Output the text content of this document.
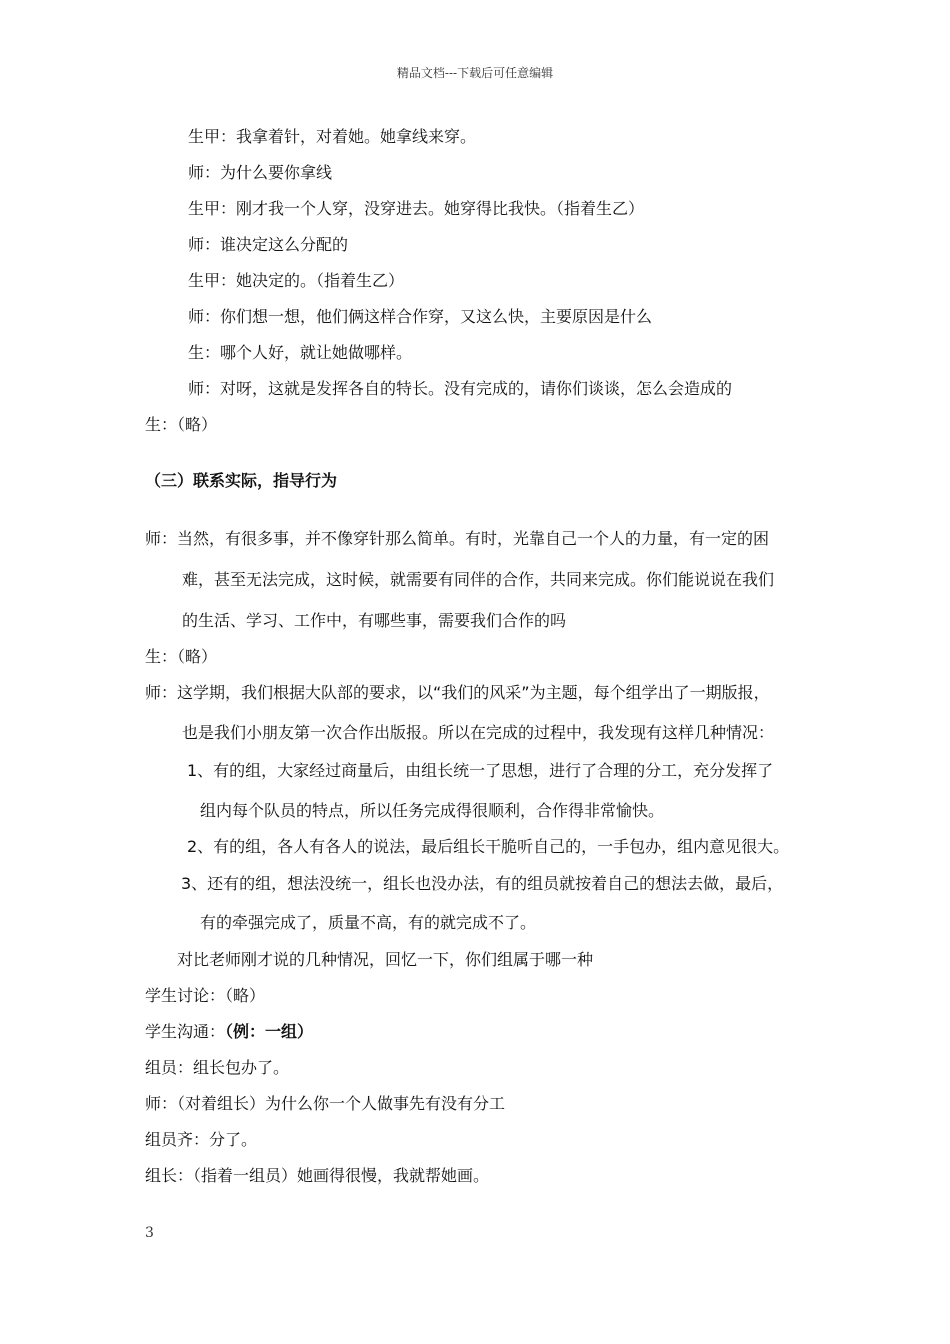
精品文档---下载后可任意编辑
生甲：我拿着针，对着她。她拿线来穿。
师：为什么要你拿线
生甲：刚才我一个人穿，没穿进去。她穿得比我快。（指着生乙）
师：谁决定这么分配的
生甲：她决定的。（指着生乙）
师：你们想一想，他们俩这样合作穿，又这么快，主要原因是什么
生：哪个人好，就让她做哪样。
师：对呀，这就是发挥各自的特长。没有完成的，请你们谈谈，怎么会造成的
生：（略）
（三）联系实际，指导行为
师：当然，有很多事，并不像穿针那么简单。有时，光靠自己一个人的力量，有一定的困
难，甚至无法完成，这时候，就需要有同伴的合作，共同来完成。你们能说说在我们
的生活、学习、工作中，有哪些事，需要我们合作的吗
生：（略）
师：这学期，我们根据大队部的要求，以“我们的风采”为主题，每个组学出了一期版报，
也是我们小朋友第一次合作出版报。所以在完成的过程中，我发现有这样几种情况：
1、有的组，大家经过商量后，由组长统一了思想，进行了合理的分工，充分发挥了
组内每个队员的特点，所以任务完成得很顺利，合作得非常愉快。
2、有的组，各人有各人的说法，最后组长干脆听自己的，一手包办，组内意见很大。
3、还有的组，想法没统一，组长也没办法，有的组员就按着自己的想法去做，最后，
有的牵强完成了，质量不高，有的就完成不了。
对比老师刚才说的几种情况，回忆一下，你们组属于哪一种
学生讨论：（略）
学生沟通：（例：一组）
组员：组长包办了。
师：（对着组长）为什么你一个人做事先有没有分工
组员齐：分了。
组长：（指着一组员）她画得很慢，我就帮她画。
3
